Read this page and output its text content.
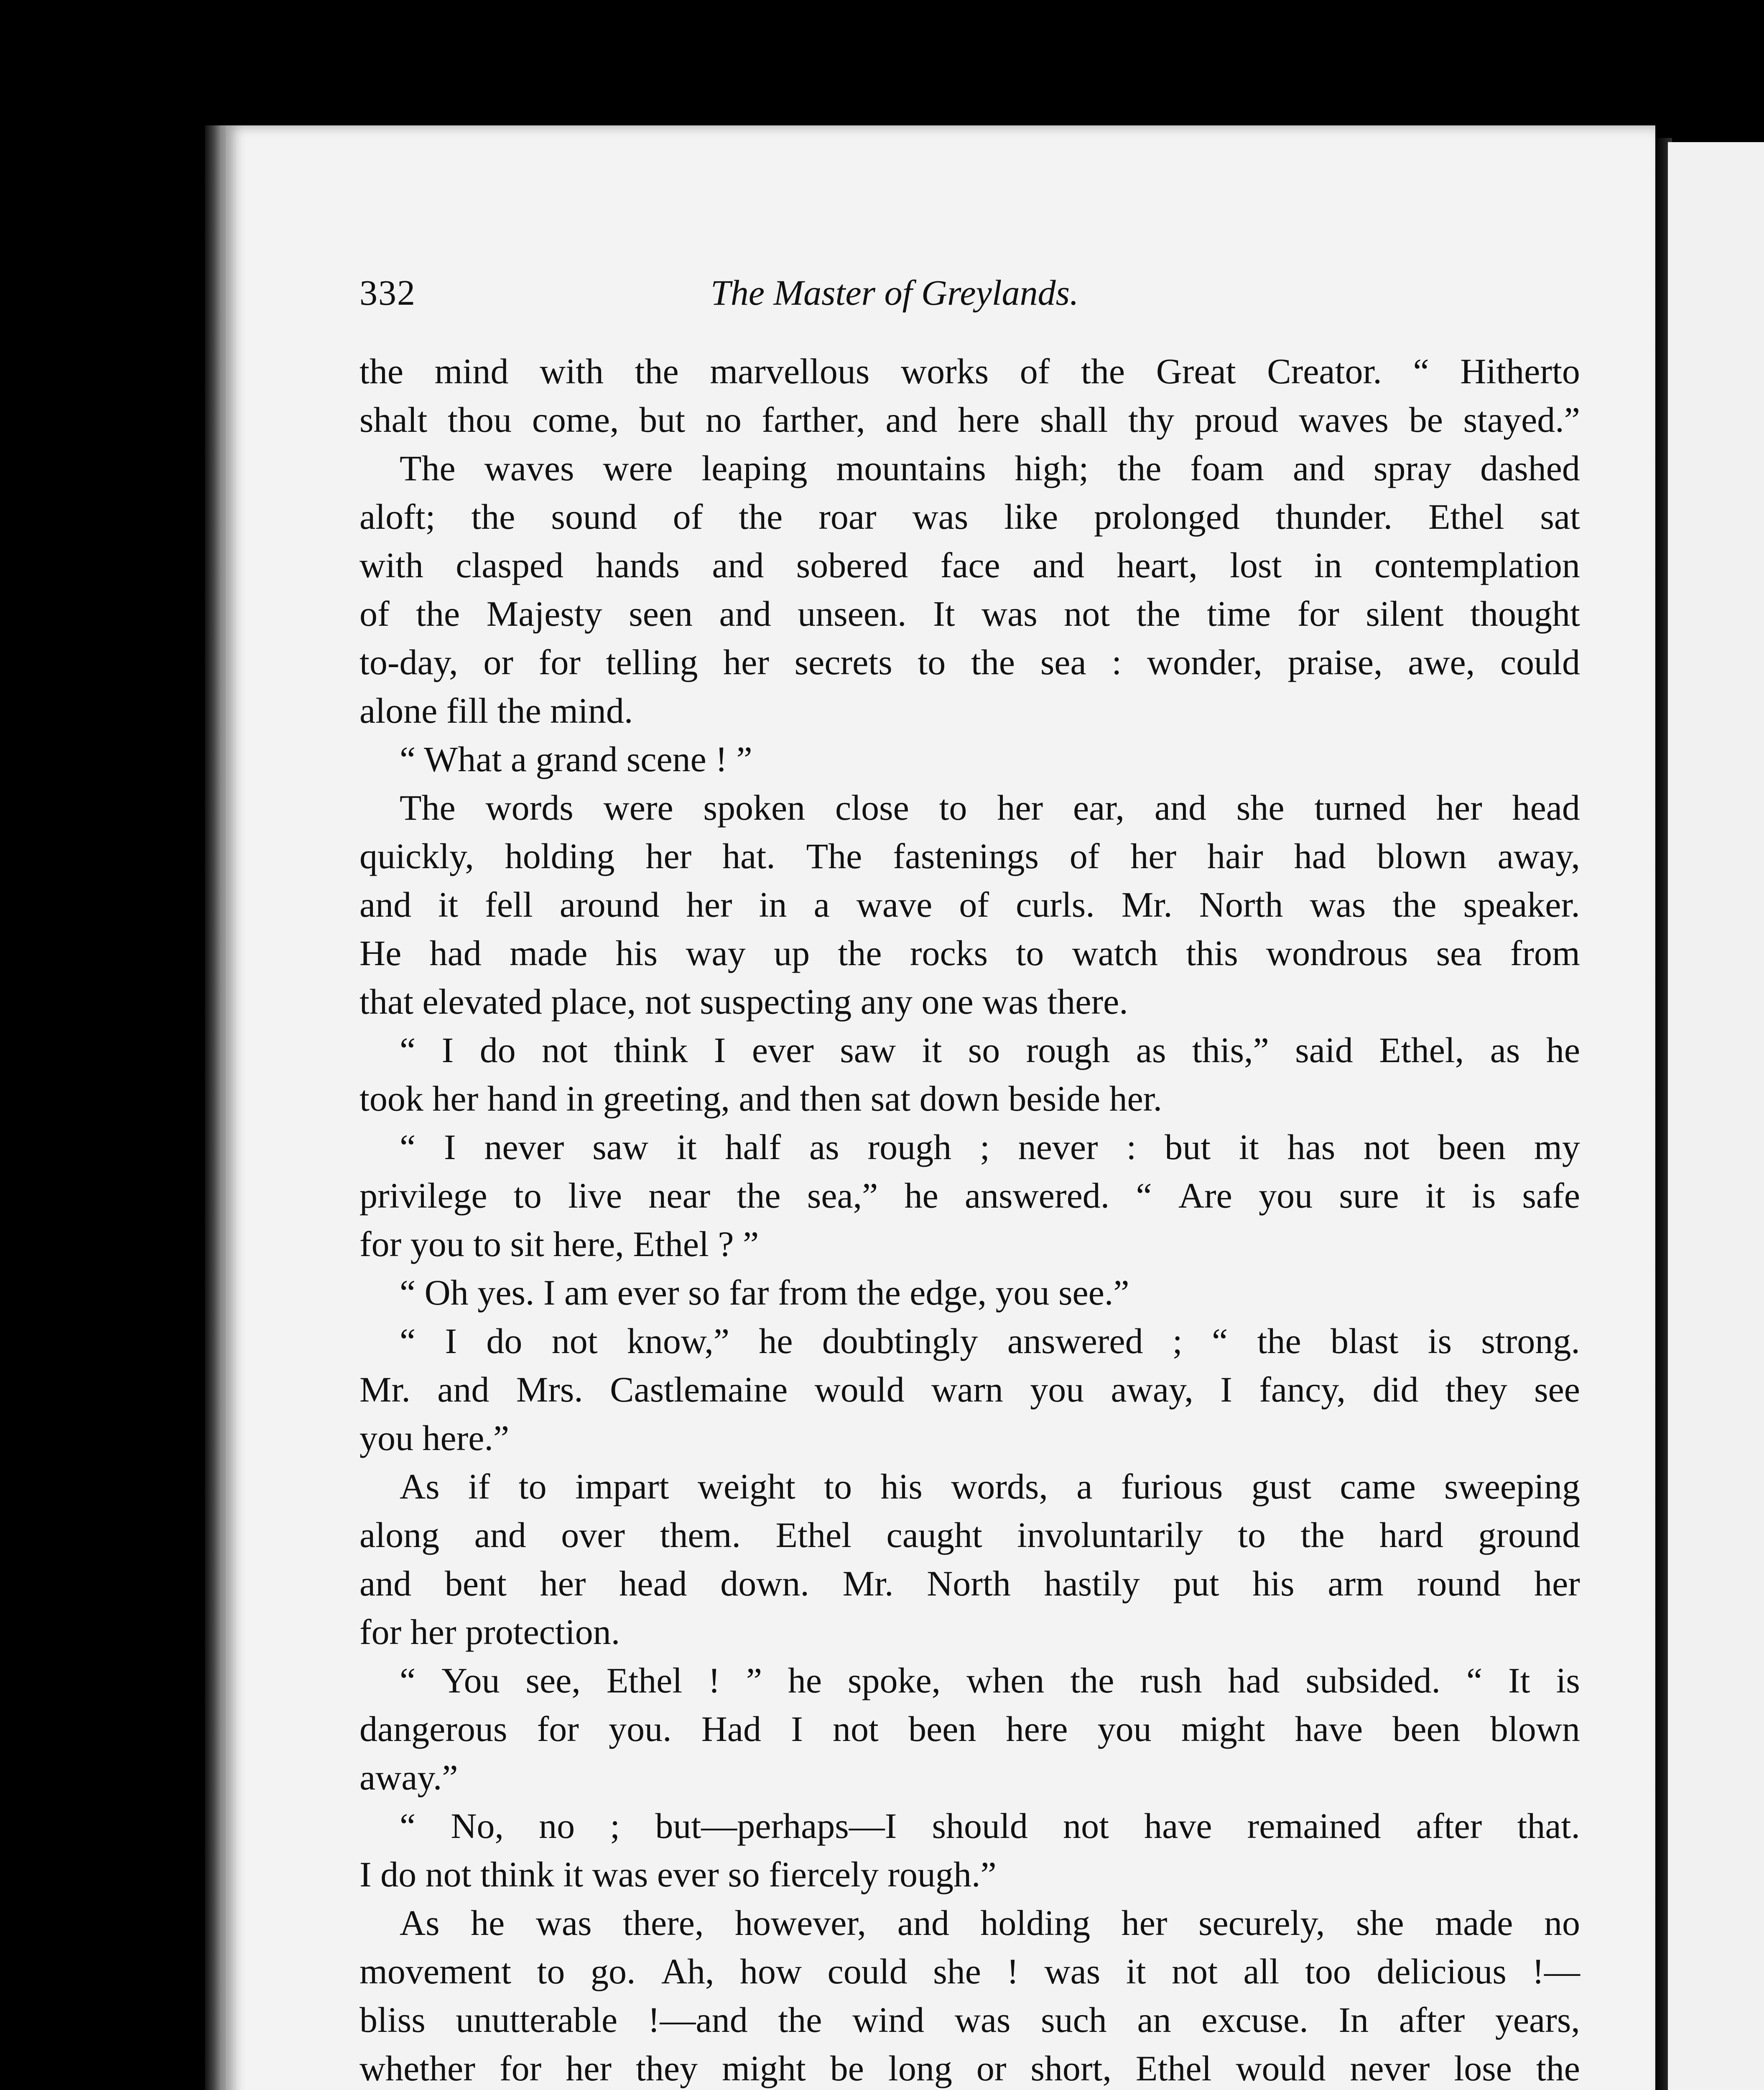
332	The Master of Greylands.
the mind with the marvellous works of the Great Creator. “ Hitherto
shalt thou come, but no farther, and here shall thy proud waves be stayed.”
The waves were leaping mountains high; the foam and spray dashed
aloft; the sound of the roar was like prolonged thunder. Ethel sat
with clasped hands and sobered face and heart, lost in contemplation
of the Majesty seen and unseen. It was not the time for silent thought
to-day, or for telling her secrets to the sea : wonder, praise, awe, could
alone fill the mind.
“ What a grand scene ! ”
The words were spoken close to her ear, and she turned her head
quickly, holding her hat. The fastenings of her hair had blown away,
and it fell around her in a wave of curls. Mr. North was the speaker.
He had made his way up the rocks to watch this wondrous sea from
that elevated place, not suspecting any one was there.
“ I do not think I ever saw it so rough as this,” said Ethel, as he
took her hand in greeting, and then sat down beside her.
“ I never saw it half as rough ; never : but it has not been my
privilege to live near the sea,” he answered. “ Are you sure it is safe
for you to sit here, Ethel ? ”
“ Oh yes. I am ever so far from the edge, you see.”
“ I do not know,” he doubtingly answered ; “ the blast is strong.
Mr. and Mrs. Castlemaine would warn you away, I fancy, did they see
you here.”
As if to impart weight to his words, a furious gust came sweeping
along and over them. Ethel caught involuntarily to the hard ground
and bent her head down. Mr. North hastily put his arm round her
for her protection.
“ You see, Ethel ! ” he spoke, when the rush had subsided. “ It is
dangerous for you. Had I not been here you might have been blown
away.”
“ No, no ; but—perhaps—I should not have remained after that.
I do not think it was ever so fiercely rough.”
As he was there, however, and holding her securely, she made no
movement to go. Ah, how could she ! was it not all too delicious !—
bliss unutterable !—and the wind was such an excuse. In after years,
whether for her they might be long or short, Ethel would never lose the
